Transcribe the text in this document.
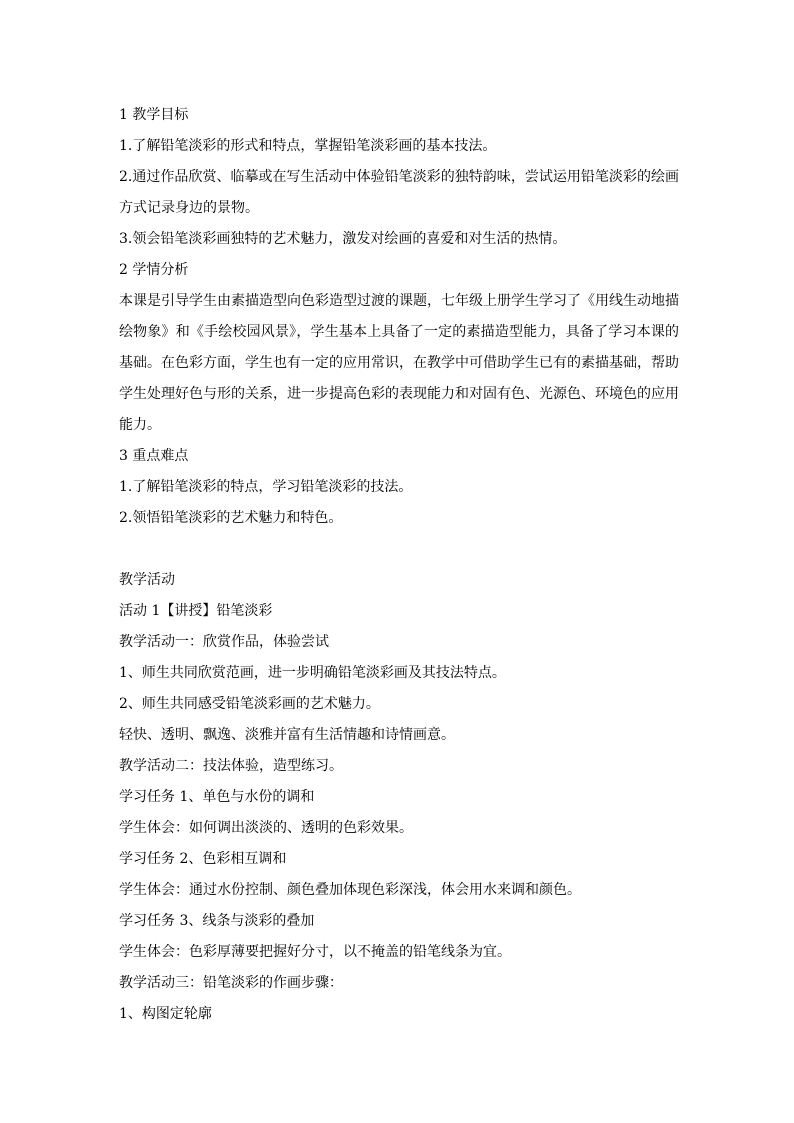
1 教学目标
1.了解铅笔淡彩的形式和特点，掌握铅笔淡彩画的基本技法。
2.通过作品欣赏、临摹或在写生活动中体验铅笔淡彩的独特韵味，尝试运用铅笔淡彩的绘画方式记录身边的景物。
3.领会铅笔淡彩画独特的艺术魅力，激发对绘画的喜爱和对生活的热情。
2 学情分析
本课是引导学生由素描造型向色彩造型过渡的课题，七年级上册学生学习了《用线生动地描绘物象》和《手绘校园风景》，学生基本上具备了一定的素描造型能力，具备了学习本课的基础。在色彩方面，学生也有一定的应用常识，在教学中可借助学生已有的素描基础，帮助学生处理好色与形的关系，进一步提高色彩的表现能力和对固有色、光源色、环境色的应用能力。
3 重点难点
1.了解铅笔淡彩的特点，学习铅笔淡彩的技法。
2.领悟铅笔淡彩的艺术魅力和特色。
教学活动
活动 1【讲授】铅笔淡彩
教学活动一：欣赏作品，体验尝试
1、师生共同欣赏范画，进一步明确铅笔淡彩画及其技法特点。
2、师生共同感受铅笔淡彩画的艺术魅力。
轻快、透明、飘逸、淡雅并富有生活情趣和诗情画意。
教学活动二：技法体验，造型练习。
学习任务 1、单色与水份的调和
学生体会：如何调出淡淡的、透明的色彩效果。
学习任务 2、色彩相互调和
学生体会：通过水份控制、颜色叠加体现色彩深浅，体会用水来调和颜色。
学习任务 3、线条与淡彩的叠加
学生体会：色彩厚薄要把握好分寸，以不掩盖的铅笔线条为宜。
教学活动三：铅笔淡彩的作画步骤：
1、构图定轮廓
